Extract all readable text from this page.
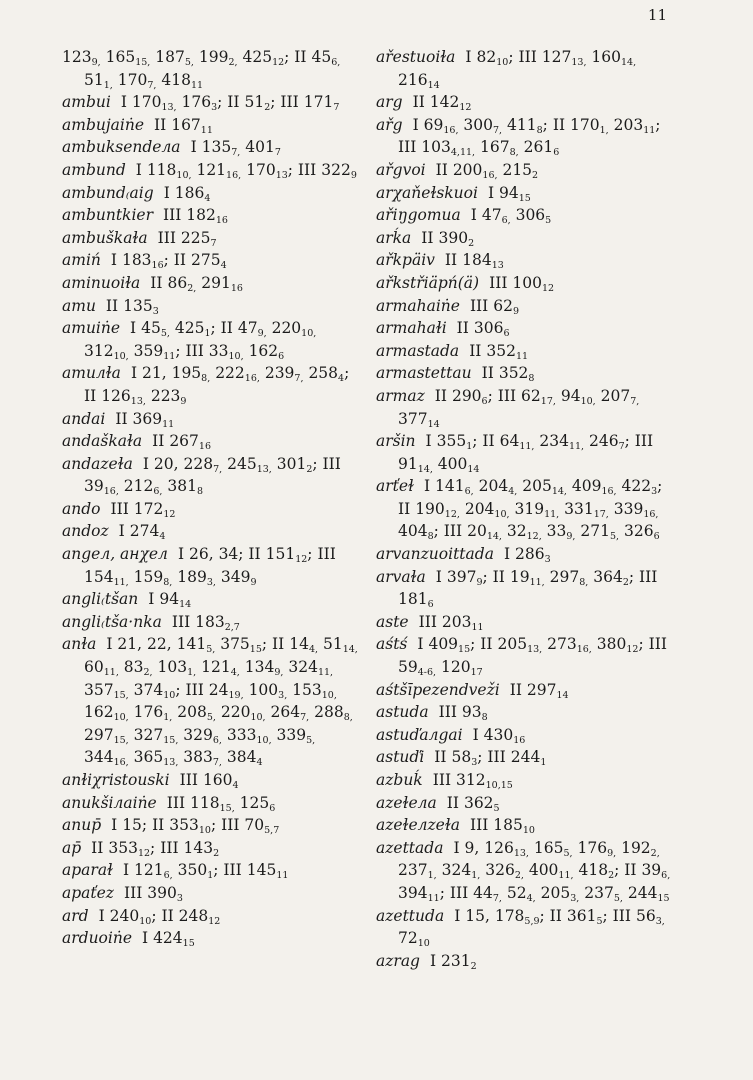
11
$123_{9,}$ $165_{15,}$ $187_{5,}$ $199_{2,}$ $425_{12}$; II $45_{6,}$ $51_{1,}$ $170_{7,}$ $418_{11}$
ambui I $170_{13,}$ $176_3$; II $51_2$; III $171_7$
ambujaiṅe II $167_{11}$
ambuksendeлa I $135_{7,}$ $401_7$
ambund I $118_{10,}$ $121_{16,}$ $170_{13}$; III $322_9$
ambund₍aig I $186_4$
ambuntkier III $182_{16}$
ambuškaɫa III $225_7$
amiń I $183_{16}$; II $275_4$
aminuoiɫa II $86_{2,}$ $291_{16}$
amu II $135_3$
amuiṅe I $45_{5,}$ $425_1$; II $47_{9,}$ $220_{10,}$ $312_{10,}$ $359_{11}$; III $33_{10,}$ $162_6$
amuлɫa I 21, $195_{8,}$ $222_{16,}$ $239_{7,}$ $258_4$; II $126_{13,}$ $223_9$
andai II $369_{11}$
andaškaɫa II $267_{16}$
andazeɫa I 20, $228_{7,}$ $245_{13,}$ $301_2$; III $39_{16,}$ $212_{6,}$ $381_8$
ando III $172_{12}$
andoz I $274_4$
angeл, aнχeл I 26, 34; II $151_{12}$; III $154_{11,}$ $159_{8,}$ $189_{3,}$ $349_9$
angli₍tšan I $94_{14}$
angli₍tša·nka III $183_{2,7}$
anɫa I 21, 22, $141_{5,}$ $375_{15}$; II $14_{4,}$ $51_{14,}$ $60_{11,}$ $83_{2,}$ $103_{1,}$ $121_{4,}$ $134_{9,}$ $324_{11,}$ $357_{15,}$ $374_{10}$; III $24_{19,}$ $100_{3,}$ $153_{10,}$ $162_{10,}$ $176_{1,}$ $208_{5,}$ $220_{10,}$ $264_{7,}$ $288_{8,}$ $297_{15,}$ $327_{15,}$ $329_{6,}$ $333_{10,}$ $339_{5,}$ $344_{16,}$ $365_{13,}$ $383_{7,}$ $384_4$
anɫiχristouski III $160_4$
anukšiлaiṅe III $118_{15,}$ $125_6$
anup̄ I 15; II $353_{10}$; III $70_{5,7}$
ap̄ II $353_{12}$; III $143_2$
aparaɫ I $121_{6,}$ $350_1$; III $145_{11}$
apaťez III $390_3$
ard I $240_{10}$; II $248_{12}$
arduoiṅe I $424_{15}$
ařestuoiɫa I $82_{10}$; III $127_{13,}$ $160_{14,}$ $216_{14}$
arg II $142_{12}$
ařg I $69_{16,}$ $300_{7,}$ $411_8$; II $170_{1,}$ $203_{11}$; III $103_{4,11,}$ $167_{8,}$ $261_6$
ařgvoi II $200_{16,}$ $215_2$
arχaňeɫskuoi I $94_{15}$
ařiŋgomua I $47_{6,}$ $306_5$
arḱa II $390_2$
ařkpäiv II $184_{13}$
ařkstřiäpń(ä) III $100_{12}$
armahaiṅe III $62_9$
armahaɫi II $306_6$
armastada II $352_{11}$
armastettau II $352_8$
armaz II $290_6$; III $62_{17,}$ $94_{10,}$ $207_{7,}$ $377_{14}$
aršin I $355_1$; II $64_{11,}$ $234_{11,}$ $246_7$; III $91_{14,}$ $400_{14}$
arťeɫ I $141_{6,}$ $204_{4,}$ $205_{14,}$ $409_{16,}$ $422_3$; II $190_{12,}$ $204_{10,}$ $319_{11,}$ $331_{17,}$ $339_{16,}$ $404_8$; III $20_{14,}$ $32_{12,}$ $33_{9,}$ $271_{5,}$ $326_6$
arvanzuoittada I $286_3$
arvaɫa I $397_9$; II $19_{11,}$ $297_{8,}$ $364_2$; III $181_6$
aste III $203_{11}$
aśtś I $409_{15}$; II $205_{13,}$ $273_{16,}$ $380_{12}$; III $59_{4-6,}$ $120_{17}$
aśtšīpezendveži II $297_{14}$
astuda III $93_8$
astuďaлgai I $430_{16}$
astuďi II $58_3$; III $244_1$
azbuḱ III $312_{10,15}$
azeɫeлa II $362_5$
azeɫeлzeɫa III $185_{10}$
azettada I 9, $126_{13,}$ $165_{5,}$ $176_{9,}$ $192_{2,}$ $237_{1,}$ $324_{1,}$ $326_{2,}$ $400_{11,}$ $418_2$; II $39_{6,}$ $394_{11}$; III $44_{7,}$ $52_{4,}$ $205_{3,}$ $237_{5,}$ $244_{15}$
azettuda I 15, $178_{5,9}$; II $361_5$; III $56_{3,}$ $72_{10}$
azrag I $231_2$
